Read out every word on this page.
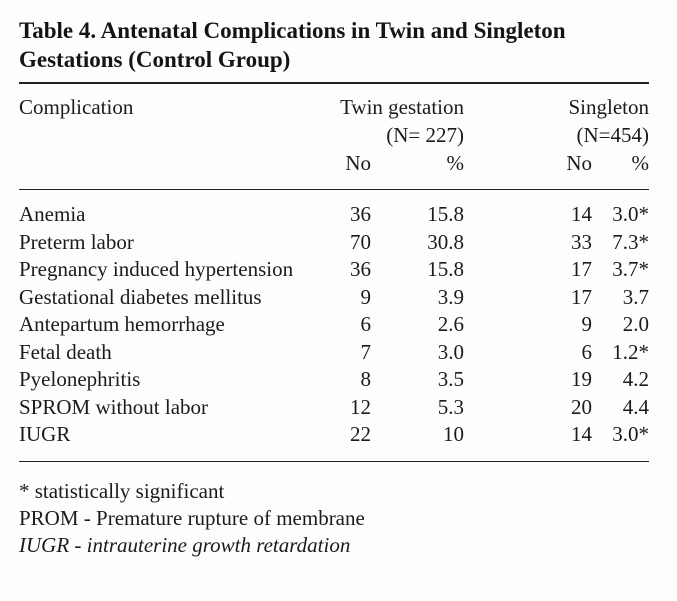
Table 4. Antenatal Complications in Twin and Singleton

Gestations (Control Group)

Complication	Twin gestation		Singleton	
	(N= 227)		(N=454)	
	No	%	No	%
Anemia	36	15.8	14	3.0*
Preterm labor	70	30.8	33	7.3*
Pregnancy induced hypertension	36	15.8	17	3.7*
Gestational diabetes mellitus	9	3.9	17	3.7
Antepartum hemorrhage	6	2.6	9	2.0
Fetal death	7	3.0	6	1.2*
Pyelonephritis	8	3.5	19	4.2
SPROM without labor	12	5.3	20	4.4
IUGR	22	10	14	3.0*
* statistically significant
PROM - Premature rupture of membrane
IUGR - intrauterine growth retardation
